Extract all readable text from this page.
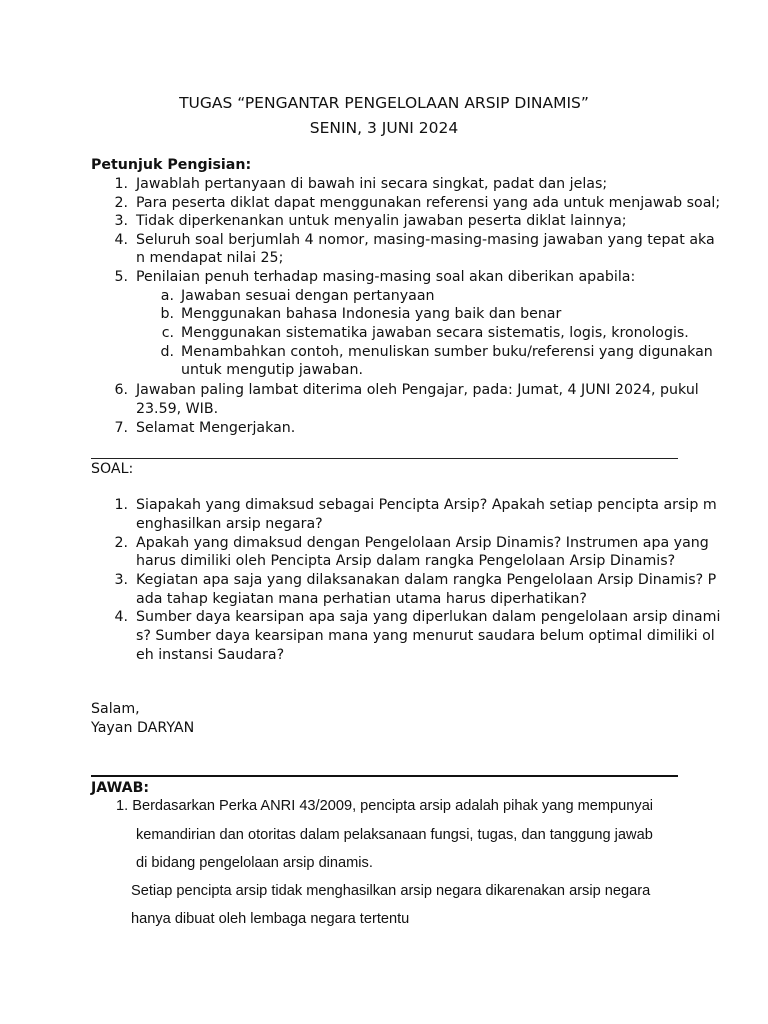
TUGAS “PENGANTAR PENGELOLAAN ARSIP DINAMIS”
SENIN, 3 JUNI 2024
Petunjuk Pengisian:
1. Jawablah pertanyaan di bawah ini secara singkat, padat dan jelas;
2. Para peserta diklat dapat menggunakan referensi yang ada untuk menjawab soal;
3. Tidak diperkenankan untuk menyalin jawaban peserta diklat lainnya;
4. Seluruh soal berjumlah 4 nomor, masing-masing-masing jawaban yang tepat aka
n mendapat nilai 25;
5. Penilaian penuh terhadap masing-masing soal akan diberikan apabila:
a. Jawaban sesuai dengan pertanyaan
b. Menggunakan bahasa Indonesia yang baik dan benar
c. Menggunakan sistematika jawaban secara sistematis, logis, kronologis.
d. Menambahkan contoh, menuliskan sumber buku/referensi yang digunakan
untuk mengutip jawaban.
6. Jawaban paling lambat diterima oleh Pengajar, pada: Jumat, 4 JUNI 2024, pukul
23.59, WIB.
7. Selamat Mengerjakan.
SOAL:
1. Siapakah yang dimaksud sebagai Pencipta Arsip? Apakah setiap pencipta arsip m
enghasilkan arsip negara?
2. Apakah yang dimaksud dengan Pengelolaan Arsip Dinamis? Instrumen apa yang
harus dimiliki oleh Pencipta Arsip dalam rangka Pengelolaan Arsip Dinamis?
3. Kegiatan apa saja yang dilaksanakan dalam rangka Pengelolaan Arsip Dinamis? P
ada tahap kegiatan mana perhatian utama harus diperhatikan?
4. Sumber daya kearsipan apa saja yang diperlukan dalam pengelolaan arsip dinami
s? Sumber daya kearsipan mana yang menurut saudara belum optimal dimiliki ol
eh instansi Saudara?
Salam,
Yayan DARYAN
JAWAB:
1. Berdasarkan Perka ANRI 43/2009, pencipta arsip adalah pihak yang mempunyai
kemandirian dan otoritas dalam pelaksanaan fungsi, tugas, dan tanggung jawab
di bidang pengelolaan arsip dinamis.
Setiap pencipta arsip tidak menghasilkan arsip negara dikarenakan arsip negara
hanya dibuat oleh lembaga negara tertentu
